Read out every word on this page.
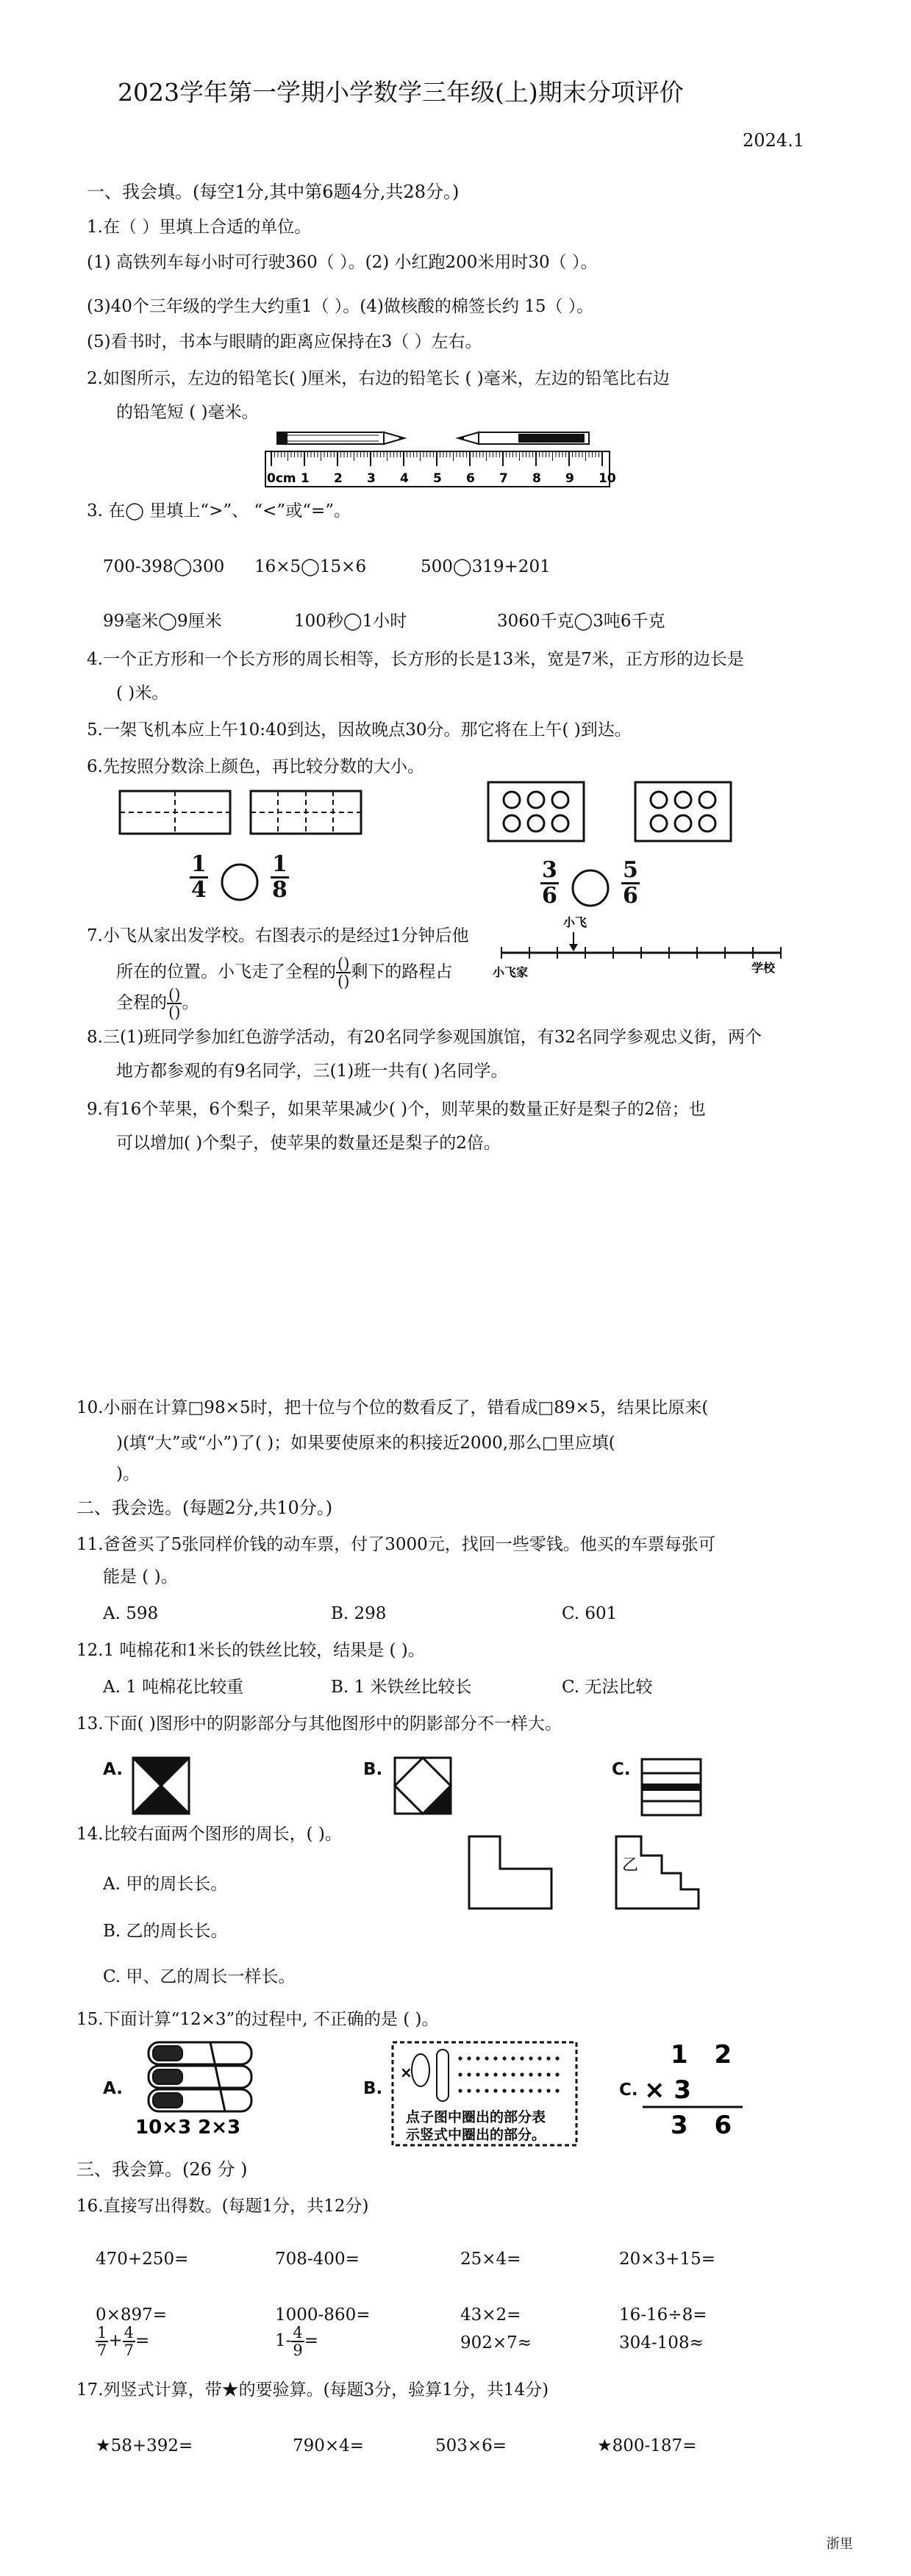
2023学年第一学期小学数学三年级(上)期末分项评价
2024.1
一、我会填。(每空1分,其中第6题4分,共28分。)
1.在（ ）里填上合适的单位。
(1) 高铁列车每小时可行驶360（ ）。(2) 小红跑200米用时30（ ）。
(3)40个三年级的学生大约重1（ ）。(4)做核酸的棉签长约 15（ ）。
(5)看书时，书本与眼睛的距离应保持在3（ ）左右。
2.如图所示，左边的铅笔长( )厘米，右边的铅笔长 ( )毫米，左边的铅笔比右边
的铅笔短 ( )毫米。
0cm 1 2 3 4 5 6 7 8 9 10
3. 在◯ 里填上“>”、 “<”或“=”。
700-398◯300 16×5◯15×6	500◯319+201
99毫米◯9厘米	100秒◯1小时	3060千克◯3吨6千克
4.一个正方形和一个长方形的周长相等，长方形的长是13米，宽是7米，正方形的边长是
( )米。
5.一架飞机本应上午10:40到达，因故晚点30分。那它将在上午( )到达。
6.先按照分数涂上颜色，再比较分数的大小。
1
4
1
8
3
6
5
6
7.小飞从家出发学校。右图表示的是经过1分钟后他
所在的位置。小飞走了全程的 ()
() 剩下的路程占
全程的 ()
() 。
小飞
小飞家	学校
8.三(1)班同学参加红色游学活动，有20名同学参观国旗馆，有32名同学参观忠义街，两个
地方都参观的有9名同学，三(1)班一共有( )名同学。
9.有16个苹果，6个梨子，如果苹果减少( )个，则苹果的数量正好是梨子的2倍；也
可以增加( )个梨子，使苹果的数量还是梨子的2倍。
10.小丽在计算□98×5时，把十位与个位的数看反了，错看成□89×5，结果比原来(
)(填“大”或“小”)了( )；如果要使原来的积接近2000,那么□里应填(
)。
二、我会选。(每题2分,共10分。)
11.爸爸买了5张同样价钱的动车票，付了3000元，找回一些零钱。他买的车票每张可
能是 ( )。
A. 598	B. 298	C. 601
12.1 吨棉花和1米长的铁丝比较，结果是 ( )。
A. 1 吨棉花比较重	B. 1 米铁丝比较长	C. 无法比较
13.下面( )图形中的阴影部分与其他图形中的阴影部分不一样大。
A.	B.	C.
14.比较右面两个图形的周长，( )。
A. 甲的周长长。
B. 乙的周长长。
C. 甲、乙的周长一样长。
乙
15.下面计算“12×3”的过程中, 不正确的是 ( )。
A.
10×3 2×3
B.
×
点子图中圈出的部分表
示竖式中圈出的部分。
C.
1 2
× 3
3 6
三、我会算。(26 分 )
16.直接写出得数。(每题1分，共12分)
470+250=	708-400=	25×4=	20×3+15=
0×897=	1000-860=	43×2=	16-16÷8=
$\frac{1}{7} + \frac{4}{7}$ =	$1- \frac{4}{9}$ =	902×7≈	304-108≈
17.列竖式计算，带★的要验算。(每题3分，验算1分，共14分)
★58+392=	790×4=	503×6=	★800-187=
浙里
